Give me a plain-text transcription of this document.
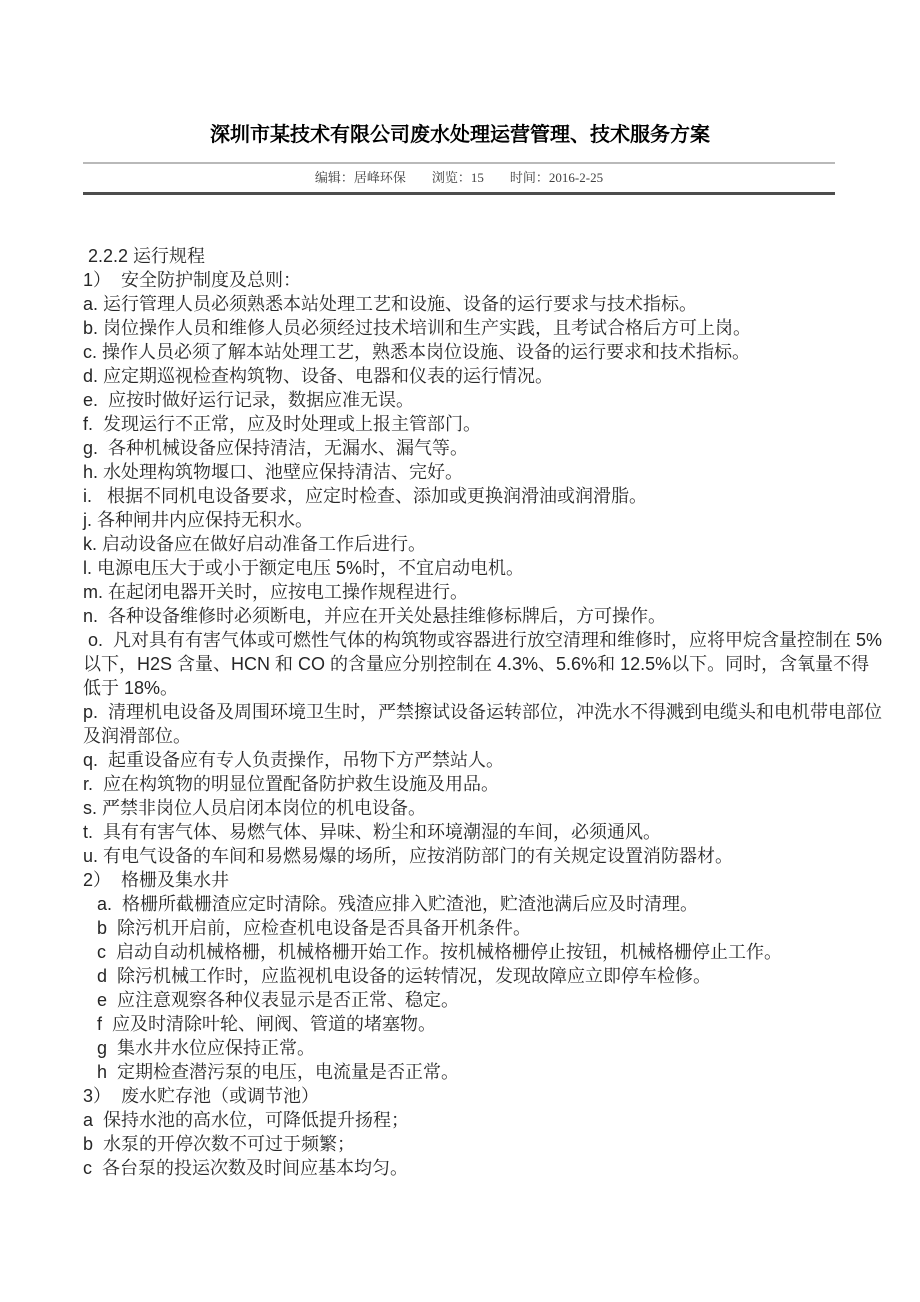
深圳市某技术有限公司废水处理运营管理、技术服务方案
编辑：居峰环保 浏览：15 时间：2016-2-25

2.2.2 运行规程

1）  安全防护制度及总则：

a. 运行管理人员必须熟悉本站处理工艺和设施、设备的运行要求与技术指标。

b. 岗位操作人员和维修人员必须经过技术培训和生产实践，且考试合格后方可上岗。

c. 操作人员必须了解本站处理工艺，熟悉本岗位设施、设备的运行要求和技术指标。

d. 应定期巡视检查构筑物、设备、电器和仪表的运行情况。

e.  应按时做好运行记录，数据应准无误。

f.  发现运行不正常，应及时处理或上报主管部门。

g.  各种机械设备应保持清洁，无漏水、漏气等。

h. 水处理构筑物堰口、池壁应保持清洁、完好。

i.   根据不同机电设备要求，应定时检查、添加或更换润滑油或润滑脂。

j. 各种闸井内应保持无积水。

k. 启动设备应在做好启动准备工作后进行。

l. 电源电压大于或小于额定电压 5%时，不宜启动电机。

m. 在起闭电器开关时，应按电工操作规程进行。

n.  各种设备维修时必须断电，并应在开关处悬挂维修标牌后，方可操作。

o.  凡对具有有害气体或可燃性气体的构筑物或容器进行放空清理和维修时，应将甲烷含量控制在 5%以下，H2S 含量、HCN 和 CO 的含量应分别控制在 4.3%、5.6%和 12.5%以下。同时，含氧量不得低于 18%。

p.  清理机电设备及周围环境卫生时，严禁擦试设备运转部位，冲洗水不得溅到电缆头和电机带电部位及润滑部位。

q.  起重设备应有专人负责操作，吊物下方严禁站人。

r.  应在构筑物的明显位置配备防护救生设施及用品。

s. 严禁非岗位人员启闭本岗位的机电设备。

t.  具有有害气体、易燃气体、异味、粉尘和环境潮湿的车间，必须通风。

u. 有电气设备的车间和易燃易爆的场所，应按消防部门的有关规定设置消防器材。

2）  格栅及集水井

a.  格栅所截栅渣应定时清除。残渣应排入贮渣池，贮渣池满后应及时清理。

b  除污机开启前，应检查机电设备是否具备开机条件。

c  启动自动机械格栅，机械格栅开始工作。按机械格栅停止按钮，机械格栅停止工作。

d  除污机械工作时，应监视机电设备的运转情况，发现故障应立即停车检修。

e  应注意观察各种仪表显示是否正常、稳定。

f  应及时清除叶轮、闸阀、管道的堵塞物。

g  集水井水位应保持正常。

h  定期检查潜污泵的电压，电流量是否正常。

3）  废水贮存池（或调节池）

a  保持水池的高水位，可降低提升扬程；

b  水泵的开停次数不可过于频繁；

c  各台泵的投运次数及时间应基本均匀。
